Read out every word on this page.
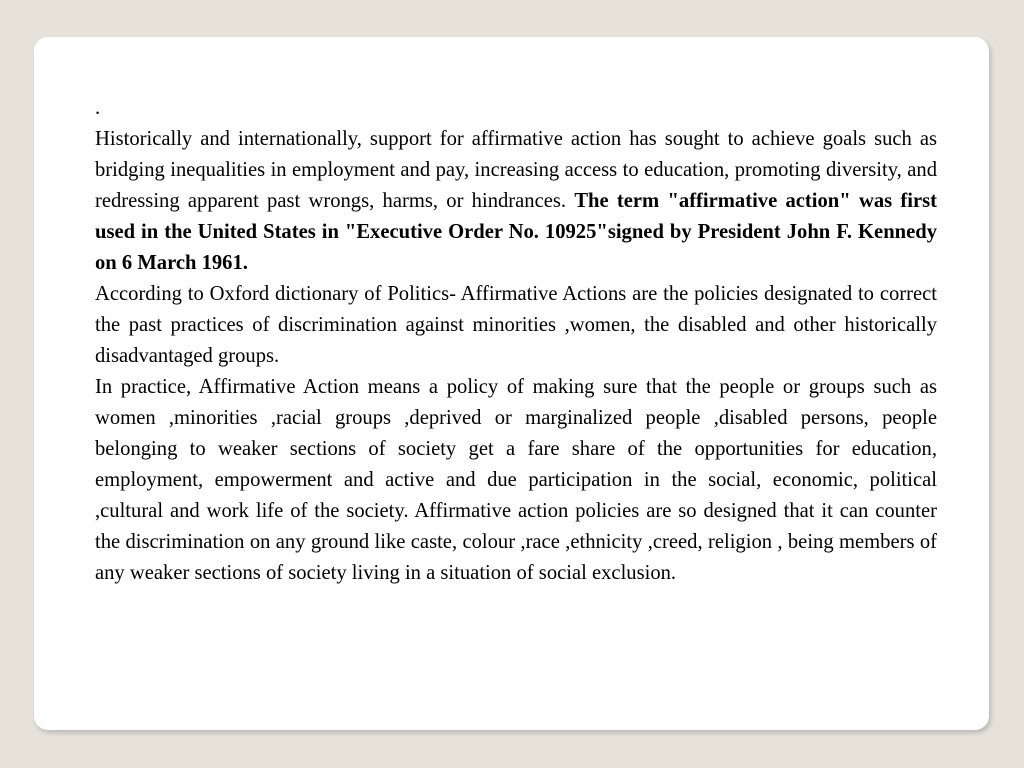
.

Historically and internationally, support for affirmative action has sought to achieve goals such as bridging inequalities in employment and pay, increasing access to education, promoting diversity, and redressing apparent past wrongs, harms, or hindrances. The term "affirmative action" was first used in the United States in "Executive Order No. 10925"signed by President John F. Kennedy on 6 March 1961.

According to Oxford dictionary of Politics- Affirmative Actions are the policies designated to correct the past practices of discrimination against minorities ,women, the disabled and other historically disadvantaged groups.

In practice, Affirmative Action means a policy of making sure that the people or groups such as women ,minorities ,racial groups ,deprived or marginalized people ,disabled persons, people belonging to weaker sections of society get a fare share of the opportunities for education, employment, empowerment and active and due participation in the social, economic, political ,cultural and work life of the society. Affirmative action policies are so designed that it can counter the discrimination on any ground like caste, colour ,race ,ethnicity ,creed, religion , being members of any weaker sections of society living in a situation of social exclusion.
